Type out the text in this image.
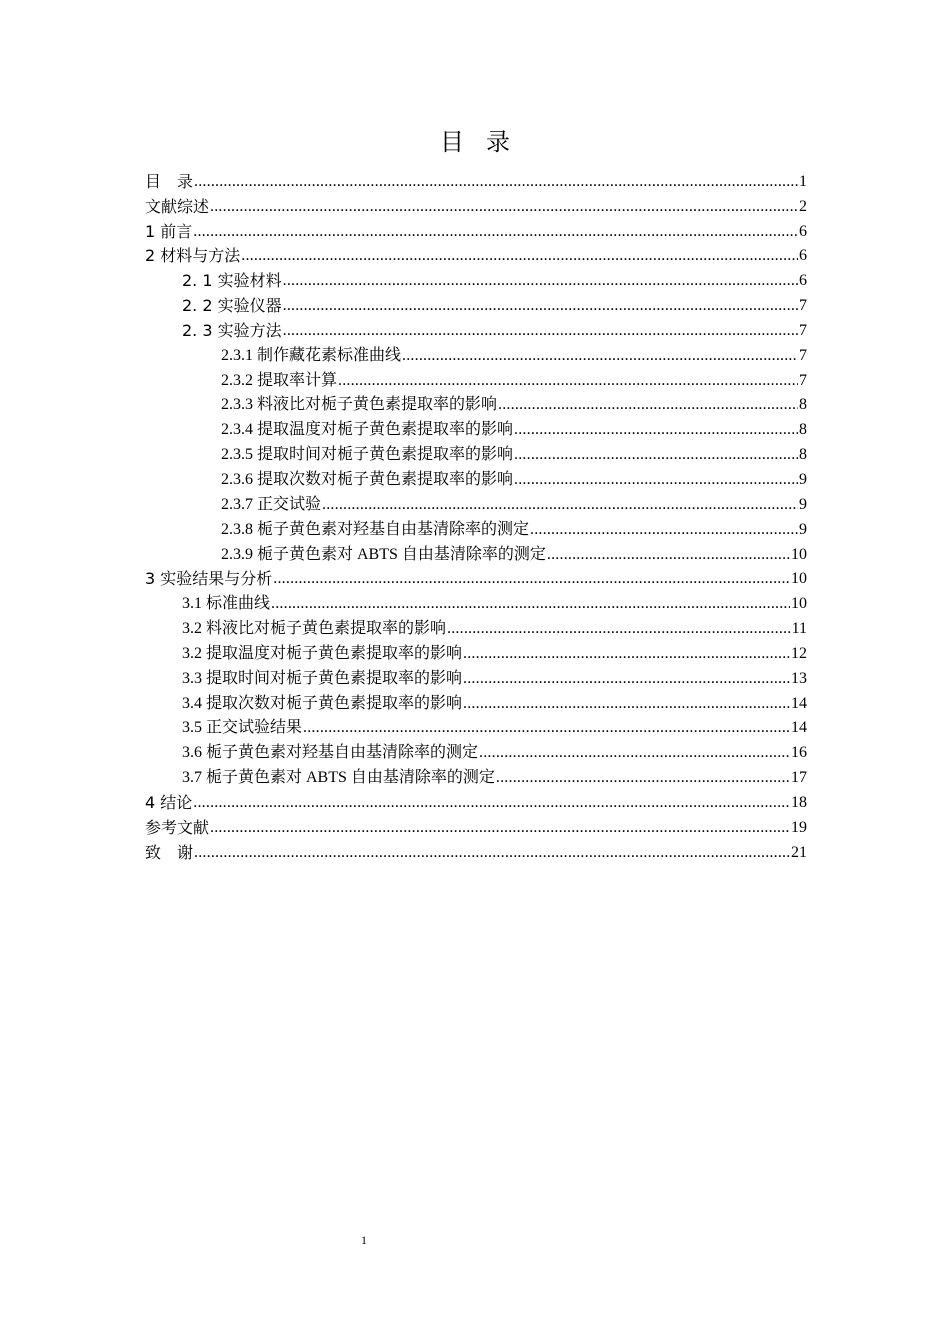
目录
目　录 .....	1
文献综述 .....	2
1 前言 .....	6
2 材料与方法 .....	6
2. 1 实验材料 .....	6
2. 2 实验仪器 .....	7
2. 3 实验方法 .....	7
2.3.1 制作藏花素标准曲线 .....	7
2.3.2 提取率计算 .....	7
2.3.3 料液比对栀子黄色素提取率的影响 .....	8
2.3.4 提取温度对栀子黄色素提取率的影响 .....	8
2.3.5 提取时间对栀子黄色素提取率的影响 .....	8
2.3.6 提取次数对栀子黄色素提取率的影响 .....	9
2.3.7 正交试验 .....	9
2.3.8 栀子黄色素对羟基自由基清除率的测定 .....	9
2.3.9 栀子黄色素对 ABTS 自由基清除率的测定 .....	10
3 实验结果与分析 .....	10
3.1 标准曲线 .....	10
3.2 料液比对栀子黄色素提取率的影响 .....	11
3.2 提取温度对栀子黄色素提取率的影响 .....	12
3.3 提取时间对栀子黄色素提取率的影响 .....	13
3.4 提取次数对栀子黄色素提取率的影响 .....	14
3.5 正交试验结果 .....	14
3.6 栀子黄色素对羟基自由基清除率的测定 .....	16
3.7 栀子黄色素对 ABTS 自由基清除率的测定 .....	17
4 结论 .....	18
参考文献 .....	19
致　谢 .....	21
1
